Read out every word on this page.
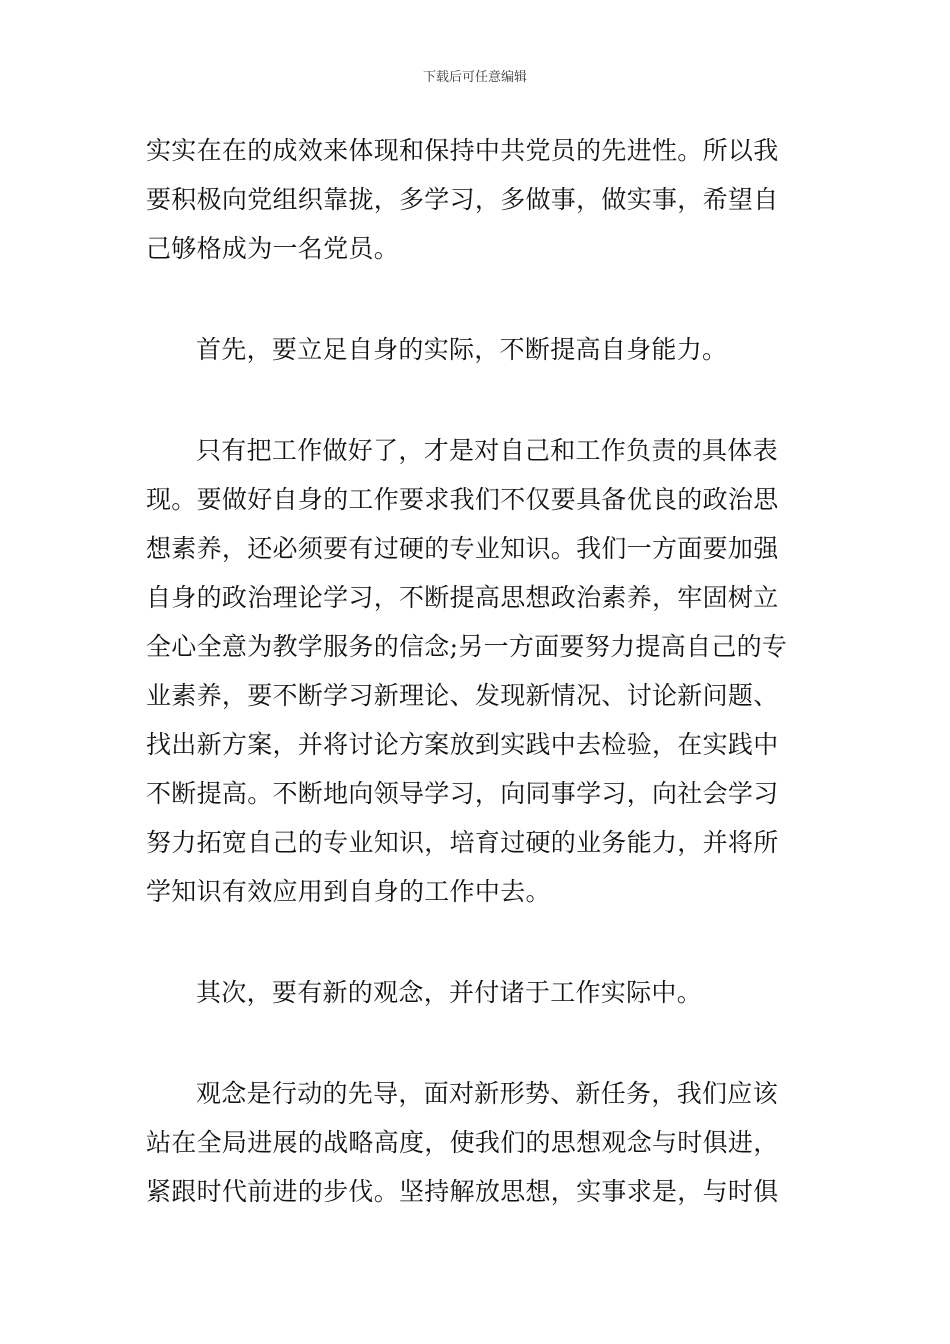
下载后可任意编辑
实实在在的成效来体现和保持中共党员的先进性。所以我
要积极向党组织靠拢，多学习，多做事，做实事，希望自
己够格成为一名党员。
首先，要立足自身的实际，不断提高自身能力。
只有把工作做好了，才是对自己和工作负责的具体表
现。要做好自身的工作要求我们不仅要具备优良的政治思
想素养，还必须要有过硬的专业知识。我们一方面要加强
自身的政治理论学习，不断提高思想政治素养，牢固树立
全心全意为教学服务的信念;另一方面要努力提高自己的专
业素养，要不断学习新理论、发现新情况、讨论新问题、
找出新方案，并将讨论方案放到实践中去检验，在实践中
不断提高。不断地向领导学习，向同事学习，向社会学习
努力拓宽自己的专业知识，培育过硬的业务能力，并将所
学知识有效应用到自身的工作中去。
其次，要有新的观念，并付诸于工作实际中。
观念是行动的先导，面对新形势、新任务，我们应该
站在全局进展的战略高度，使我们的思想观念与时俱进，
紧跟时代前进的步伐。坚持解放思想，实事求是，与时俱
